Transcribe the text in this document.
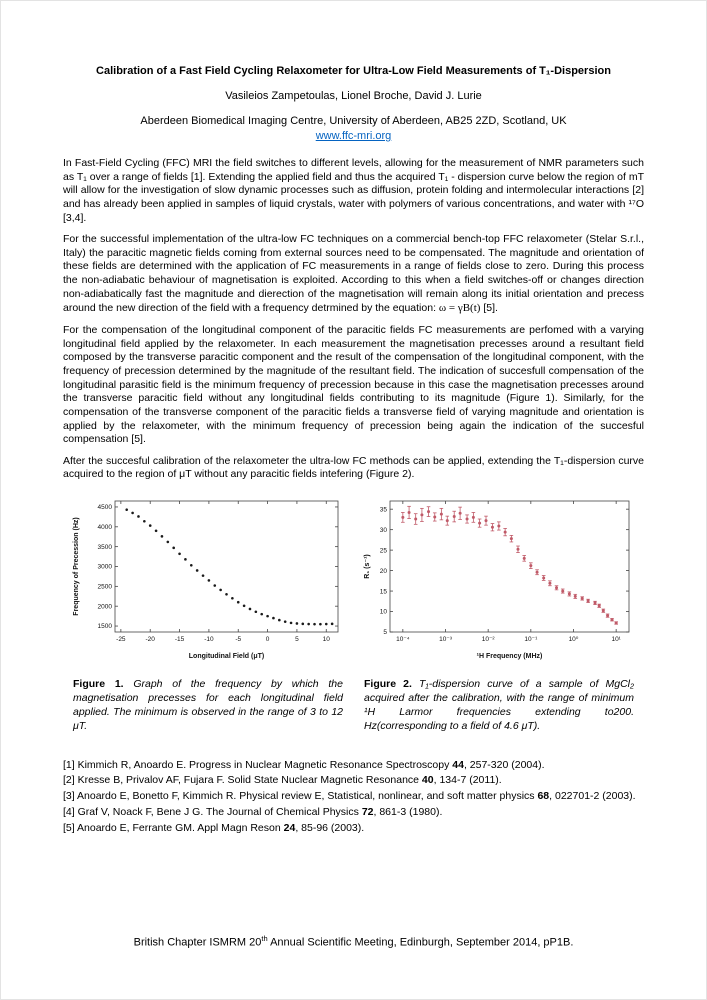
Calibration of a Fast Field Cycling Relaxometer for Ultra-Low Field Measurements of T₁-Dispersion
Vasileios Zampetoulas, Lionel Broche, David J. Lurie
Aberdeen Biomedical Imaging Centre, University of Aberdeen, AB25 2ZD, Scotland, UK
www.ffc-mri.org

In Fast-Field Cycling (FFC) MRI the field switches to different levels, allowing for the measurement of NMR parameters such as T₁ over a range of fields [1]. Extending the applied field and thus the acquired T₁ - dispersion curve below the region of mT will allow for the investigation of slow dynamic processes such as diffusion, protein folding and intermolecular interactions [2] and has already been applied in samples of liquid crystals, water with polymers of various concentrations, and water with ¹⁷O [3,4].

For the successful implementation of the ultra-low FC techniques on a commercial bench-top FFC relaxometer (Stelar S.r.l., Italy) the paracitic magnetic fields coming from external sources need to be compensated. The magnitude and orientation of these fields are determined with the application of FC measurements in a range of fields close to zero. During this process the non-adiabatic behaviour of magnetisation is exploited. According to this when a field switches-off or changes direction non-adiabatically fast the magnitude and dierection of the magnetisation will remain along its initial orientation and precess around the new direction of the field with a frequency detrmined by the equation: ω = γB(t) [5].

For the compensation of the longitudinal component of the paracitic fields FC measurements are perfomed with a varying longitudinal field applied by the relaxometer. In each measurement the magnetisation precesses around a resultant field composed by the transverse paracitic component and the result of the compensation of the longitudinal component, with the frequency of precession determined by the magnitude of the resultant field. The indication of succesfull compensation of the longitudinal parasitic field is the minimum frequency of precession because in this case the magnetisation precesses around the transverse paracitic field without any longitudinal fields contributing to its magnitude (Figure 1). Similarly, for the compensation of the transverse component of the paracitic fields a transverse field of varying magnitude and orientation is applied by the relaxometer, with the minimum frequency of precession being again the indication of the succesful compensation [5].

After the succesful calibration of the relaxometer the ultra-low FC methods can be applied, extending the T₁-dispersion curve acquired to the region of μT without any paracitic fields intefering (Figure 2).

-25	-20	-15	-10	-5	0	5	10
1500
2000
2500
3000
3500
4000
4500
Longitudinal Field (μT)
Frequency of Precession (Hz)

Figure 1. Graph of the frequency by which the magnetisation precesses for each longitudinal field applied. The minimum is observed in the range of 3 to 12 μT.

10⁻⁴	10⁻³	10⁻²	10⁻¹	10⁰	10¹
5
10
15
20
25
30
35
¹H Frequency (MHz)
R₁ (s⁻¹)

Figure 2. T₁-dispersion curve of a sample of MgCl₂ acquired after the calibration, with the range of minimum ¹H Larmor frequencies extending to200. Hz(corresponding to a field of 4.6 μT).

[1] Kimmich R, Anoardo E. Progress in Nuclear Magnetic Resonance Spectroscopy 44, 257-320 (2004).
[2] Kresse B, Privalov AF, Fujara F. Solid State Nuclear Magnetic Resonance 40, 134-7 (2011).
[3] Anoardo E, Bonetto F, Kimmich R. Physical review E, Statistical, nonlinear, and soft matter physics 68, 022701-2 (2003).
[4] Graf V, Noack F, Bene J G. The Journal of Chemical Physics 72, 861-3 (1980).
[5] Anoardo E, Ferrante GM. Appl Magn Reson 24, 85-96 (2003).
British Chapter ISMRM 20th Annual Scientific Meeting, Edinburgh, September 2014, pP1B.
